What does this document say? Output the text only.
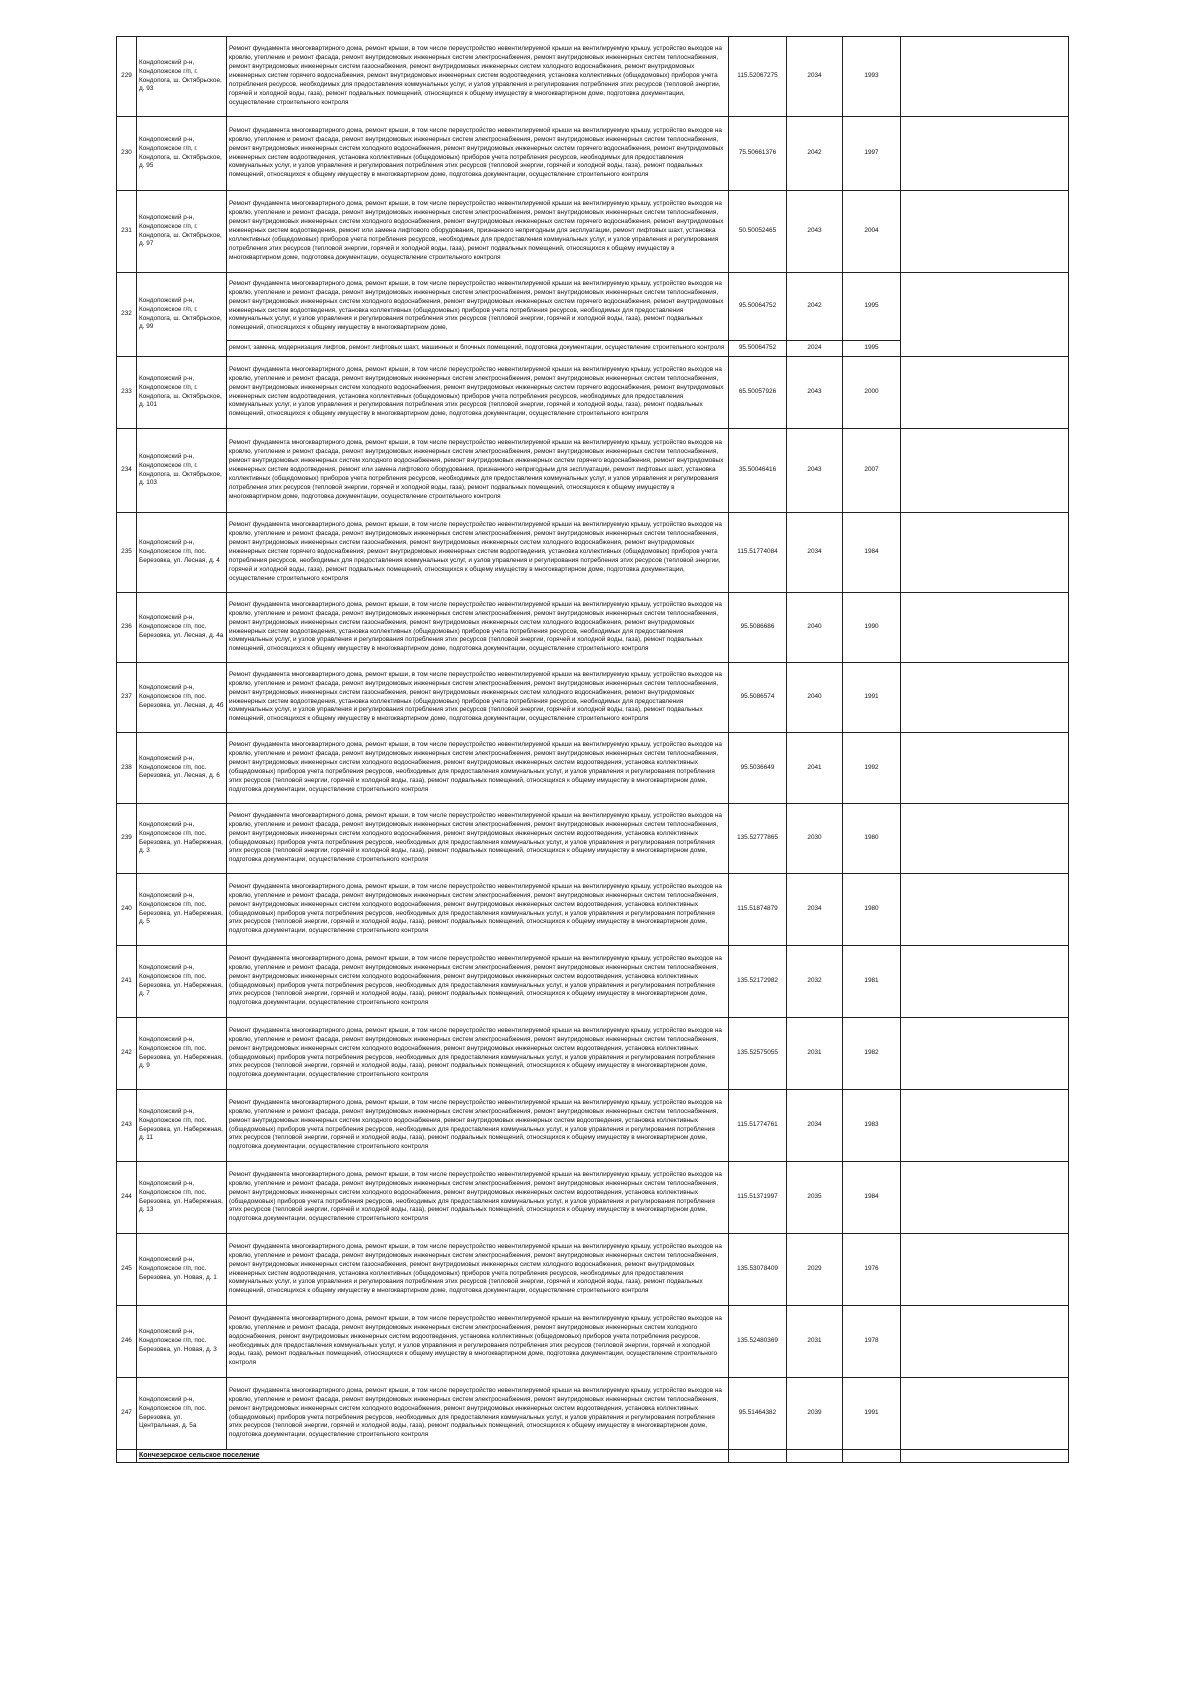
229	Кондопожский р-н, Кондопожское г/п, г. Кондопога, ш. Октябрьское, д. 93	Ремонт фундамента многоквартирного дома, ремонт крыши, в том числе переустройство невентилируемой крыши на вентилируемую крышу, устройство выходов на кровлю, утепление и ремонт фасада, ремонт внутридомовых инженерных систем электроснабжения, ремонт внутридомовых инженерных систем теплоснабжения, ремонт внутридомовых инженерных систем газоснабжения, ремонт внутридомовых инженерных систем холодного водоснабжения, ремонт внутридомовых инженерных систем горячего водоснабжения, ремонт внутридомовых инженерных систем водоотведения, установка коллективных (общедомовых) приборов учета потребления ресурсов, необходимых для предоставления коммунальных услуг, и узлов управления и регулирования потребления этих ресурсов (тепловой энергии, горячей и холодной воды, газа), ремонт подвальных помещений, относящихся к общему имуществу в многоквартирном доме, подготовка документации, осуществление строительного контроля	115.52067275	2034	1993	
230	Кондопожский р-н, Кондопожское г/п, г. Кондопога, ш. Октябрьское, д. 95	Ремонт фундамента многоквартирного дома, ремонт крыши, в том числе переустройство невентилируемой крыши на вентилируемую крышу, устройство выходов на кровлю, утепление и ремонт фасада, ремонт внутридомовых инженерных систем электроснабжения, ремонт внутридомовых инженерных систем теплоснабжения, ремонт внутридомовых инженерных систем холодного водоснабжения, ремонт внутридомовых инженерных систем горячего водоснабжения, ремонт внутридомовых инженерных систем водоотведения, установка коллективных (общедомовых) приборов учета потребления ресурсов, необходимых для предоставления коммунальных услуг, и узлов управления и регулирования потребления этих ресурсов (тепловой энергии, горячей и холодной воды, газа), ремонт подвальных помещений, относящихся к общему имуществу в многоквартирном доме, подготовка документации, осуществление строительного контроля	75.50661376	2042	1997	
231	Кондопожский р-н, Кондопожское г/п, г. Кондопога, ш. Октябрьское, д. 97	Ремонт фундамента многоквартирного дома, ремонт крыши, в том числе переустройство невентилируемой крыши на вентилируемую крышу, устройство выходов на кровлю, утепление и ремонт фасада, ремонт внутридомовых инженерных систем электроснабжения, ремонт внутридомовых инженерных систем теплоснабжения, ремонт внутридомовых инженерных систем холодного водоснабжения, ремонт внутридомовых инженерных систем горячего водоснабжения, ремонт внутридомовых инженерных систем водоотведения, ремонт или замена лифтового оборудования, признанного непригодным для эксплуатации, ремонт лифтовых шахт, установка коллективных (общедомовых) приборов учета потребления ресурсов, необходимых для предоставления коммунальных услуг, и узлов управления и регулирования потребления этих ресурсов (тепловой энергии, горячей и холодной воды, газа), ремонт подвальных помещений, относящихся к общему имуществу в многоквартирном доме, подготовка документации, осуществление строительного контроля	50.50052465	2043	2004	
232	Кондопожский р-н, Кондопожское г/п, г. Кондопога, ш. Октябрьское, д. 99	Ремонт фундамента многоквартирного дома, ремонт крыши, в том числе переустройство невентилируемой крыши на вентилируемую крышу, устройство выходов на кровлю, утепление и ремонт фасада, ремонт внутридомовых инженерных систем электроснабжения, ремонт внутридомовых инженерных систем теплоснабжения, ремонт внутридомовых инженерных систем холодного водоснабжения, ремонт внутридомовых инженерных систем горячего водоснабжения, ремонт внутридомовых инженерных систем водоотведения, установка коллективных (общедомовых) приборов учета потребления ресурсов, необходимых для предоставления коммунальных услуг, и узлов управления и регулирования потребления этих ресурсов (тепловой энергии, горячей и холодной воды, газа), ремонт подвальных помещений, относящихся к общему имуществу в многоквартирном доме,	95.50064752	2042	1995	
		ремонт, замена, модернизация лифтов, ремонт лифтовых шахт, машинных и блочных помещений, подготовка документации, осуществление строительного контроля	95.50064752	2024	1995	
233	Кондопожский р-н, Кондопожское г/п, г. Кондопога, ш. Октябрьское, д. 101	Ремонт фундамента многоквартирного дома, ремонт крыши, в том числе переустройство невентилируемой крыши на вентилируемую крышу, устройство выходов на кровлю, утепление и ремонт фасада, ремонт внутридомовых инженерных систем электроснабжения, ремонт внутридомовых инженерных систем теплоснабжения, ремонт внутридомовых инженерных систем холодного водоснабжения, ремонт внутридомовых инженерных систем горячего водоснабжения, ремонт внутридомовых инженерных систем водоотведения, установка коллективных (общедомовых) приборов учета потребления ресурсов, необходимых для предоставления коммунальных услуг, и узлов управления и регулирования потребления этих ресурсов (тепловой энергии, горячей и холодной воды, газа), ремонт подвальных помещений, относящихся к общему имуществу в многоквартирном доме, подготовка документации, осуществление строительного контроля	65.50057926	2043	2000	
234	Кондопожский р-н, Кондопожское г/п, г. Кондопога, ш. Октябрьское, д. 103	Ремонт фундамента многоквартирного дома, ремонт крыши, в том числе переустройство невентилируемой крыши на вентилируемую крышу, устройство выходов на кровлю, утепление и ремонт фасада, ремонт внутридомовых инженерных систем электроснабжения, ремонт внутридомовых инженерных систем теплоснабжения, ремонт внутридомовых инженерных систем холодного водоснабжения, ремонт внутридомовых инженерных систем горячего водоснабжения, ремонт внутридомовых инженерных систем водоотведения, ремонт или замена лифтового оборудования, признанного непригодным для эксплуатации, ремонт лифтовых шахт, установка коллективных (общедомовых) приборов учета потребления ресурсов, необходимых для предоставления коммунальных услуг, и узлов управления и регулирования потребления этих ресурсов (тепловой энергии, горячей и холодной воды, газа), ремонт подвальных помещений, относящихся к общему имуществу в многоквартирном доме, подготовка документации, осуществление строительного контроля	35.50046416	2043	2007	
235	Кондопожский р-н, Кондопожское г/п, пос. Березовка, ул. Лесная, д. 4	Ремонт фундамента многоквартирного дома, ремонт крыши, в том числе переустройство невентилируемой крыши на вентилируемую крышу, устройство выходов на кровлю, утепление и ремонт фасада, ремонт внутридомовых инженерных систем электроснабжения, ремонт внутридомовых инженерных систем теплоснабжения, ремонт внутридомовых инженерных систем газоснабжения, ремонт внутридомовых инженерных систем холодного водоснабжения, ремонт внутридомовых инженерных систем горячего водоснабжения, ремонт внутридомовых инженерных систем водоотведения, установка коллективных (общедомовых) приборов учета потребления ресурсов, необходимых для предоставления коммунальных услуг, и узлов управления и регулирования потребления этих ресурсов (тепловой энергии, горячей и холодной воды, газа), ремонт подвальных помещений, относящихся к общему имуществу в многоквартирном доме, подготовка документации, осуществление строительного контроля	115.51774084	2034	1984	
236	Кондопожский р-н, Кондопожское г/п, пос. Березовка, ул. Лесная, д. 4а	Ремонт фундамента многоквартирного дома, ремонт крыши, в том числе переустройство невентилируемой крыши на вентилируемую крышу, устройство выходов на кровлю, утепление и ремонт фасада, ремонт внутридомовых инженерных систем электроснабжения, ремонт внутридомовых инженерных систем теплоснабжения, ремонт внутридомовых инженерных систем газоснабжения, ремонт внутридомовых инженерных систем холодного водоснабжения, ремонт внутридомовых инженерных систем водоотведения, установка коллективных (общедомовых) приборов учета потребления ресурсов, необходимых для предоставления коммунальных услуг, и узлов управления и регулирования потребления этих ресурсов (тепловой энергии, горячей и холодной воды, газа), ремонт подвальных помещений, относящихся к общему имуществу в многоквартирном доме, подготовка документации, осуществление строительного контроля	95.5086686	2040	1990	
237	Кондопожский р-н, Кондопожское г/п, пос. Березовка, ул. Лесная, д. 4б	Ремонт фундамента многоквартирного дома, ремонт крыши, в том числе переустройство невентилируемой крыши на вентилируемую крышу, устройство выходов на кровлю, утепление и ремонт фасада, ремонт внутридомовых инженерных систем электроснабжения, ремонт внутридомовых инженерных систем теплоснабжения, ремонт внутридомовых инженерных систем газоснабжения, ремонт внутридомовых инженерных систем холодного водоснабжения, ремонт внутридомовых инженерных систем водоотведения, установка коллективных (общедомовых) приборов учета потребления ресурсов, необходимых для предоставления коммунальных услуг, и узлов управления и регулирования потребления этих ресурсов (тепловой энергии, горячей и холодной воды, газа), ремонт подвальных помещений, относящихся к общему имуществу в многоквартирном доме, подготовка документации, осуществление строительного контроля	95.5086574	2040	1991	
238	Кондопожский р-н, Кондопожское г/п, пос. Березовка, ул. Лесная, д. 6	Ремонт фундамента многоквартирного дома, ремонт крыши, в том числе переустройство невентилируемой крыши на вентилируемую крышу, устройство выходов на кровлю, утепление и ремонт фасада, ремонт внутридомовых инженерных систем электроснабжения, ремонт внутридомовых инженерных систем теплоснабжения, ремонт внутридомовых инженерных систем холодного водоснабжения, ремонт внутридомовых инженерных систем водоотведения, установка коллективных (общедомовых) приборов учета потребления ресурсов, необходимых для предоставления коммунальных услуг, и узлов управления и регулирования потребления этих ресурсов (тепловой энергии, горячей и холодной воды, газа), ремонт подвальных помещений, относящихся к общему имуществу в многоквартирном доме, подготовка документации, осуществление строительного контроля	95.5036649	2041	1992	
239	Кондопожский р-н, Кондопожское г/п, пос. Березовка, ул. Набережная, д. 3	Ремонт фундамента многоквартирного дома, ремонт крыши, в том числе переустройство невентилируемой крыши на вентилируемую крышу, устройство выходов на кровлю, утепление и ремонт фасада, ремонт внутридомовых инженерных систем электроснабжения, ремонт внутридомовых инженерных систем теплоснабжения, ремонт внутридомовых инженерных систем холодного водоснабжения, ремонт внутридомовых инженерных систем водоотведения, установка коллективных (общедомовых) приборов учета потребления ресурсов, необходимых для предоставления коммунальных услуг, и узлов управления и регулирования потребления этих ресурсов (тепловой энергии, горячей и холодной воды, газа), ремонт подвальных помещений, относящихся к общему имуществу в многоквартирном доме, подготовка документации, осуществление строительного контроля	135.52777865	2030	1980	
240	Кондопожский р-н, Кондопожское г/п, пос. Березовка, ул. Набережная, д. 5	Ремонт фундамента многоквартирного дома, ремонт крыши, в том числе переустройство невентилируемой крыши на вентилируемую крышу, устройство выходов на кровлю, утепление и ремонт фасада, ремонт внутридомовых инженерных систем электроснабжения, ремонт внутридомовых инженерных систем теплоснабжения, ремонт внутридомовых инженерных систем холодного водоснабжения, ремонт внутридомовых инженерных систем водоотведения, установка коллективных (общедомовых) приборов учета потребления ресурсов, необходимых для предоставления коммунальных услуг, и узлов управления и регулирования потребления этих ресурсов (тепловой энергии, горячей и холодной воды, газа), ремонт подвальных помещений, относящихся к общему имуществу в многоквартирном доме, подготовка документации, осуществление строительного контроля	115.51874879	2034	1980	
241	Кондопожский р-н, Кондопожское г/п, пос. Березовка, ул. Набережная, д. 7	Ремонт фундамента многоквартирного дома, ремонт крыши, в том числе переустройство невентилируемой крыши на вентилируемую крышу, устройство выходов на кровлю, утепление и ремонт фасада, ремонт внутридомовых инженерных систем электроснабжения, ремонт внутридомовых инженерных систем теплоснабжения, ремонт внутридомовых инженерных систем холодного водоснабжения, ремонт внутридомовых инженерных систем водоотведения, установка коллективных (общедомовых) приборов учета потребления ресурсов, необходимых для предоставления коммунальных услуг, и узлов управления и регулирования потребления этих ресурсов (тепловой энергии, горячей и холодной воды, газа), ремонт подвальных помещений, относящихся к общему имуществу в многоквартирном доме, подготовка документации, осуществление строительного контроля	135.52172982	2032	1981	
242	Кондопожский р-н, Кондопожское г/п, пос. Березовка, ул. Набережная, д. 9	Ремонт фундамента многоквартирного дома, ремонт крыши, в том числе переустройство невентилируемой крыши на вентилируемую крышу, устройство выходов на кровлю, утепление и ремонт фасада, ремонт внутридомовых инженерных систем электроснабжения, ремонт внутридомовых инженерных систем теплоснабжения, ремонт внутридомовых инженерных систем холодного водоснабжения, ремонт внутридомовых инженерных систем водоотведения, установка коллективных (общедомовых) приборов учета потребления ресурсов, необходимых для предоставления коммунальных услуг, и узлов управления и регулирования потребления этих ресурсов (тепловой энергии, горячей и холодной воды, газа), ремонт подвальных помещений, относящихся к общему имуществу в многоквартирном доме, подготовка документации, осуществление строительного контроля	135.52575055	2031	1982	
243	Кондопожский р-н, Кондопожское г/п, пос. Березовка, ул. Набережная, д. 11	Ремонт фундамента многоквартирного дома, ремонт крыши, в том числе переустройство невентилируемой крыши на вентилируемую крышу, устройство выходов на кровлю, утепление и ремонт фасада, ремонт внутридомовых инженерных систем электроснабжения, ремонт внутридомовых инженерных систем теплоснабжения, ремонт внутридомовых инженерных систем холодного водоснабжения, ремонт внутридомовых инженерных систем водоотведения, установка коллективных (общедомовых) приборов учета потребления ресурсов, необходимых для предоставления коммунальных услуг, и узлов управления и регулирования потребления этих ресурсов (тепловой энергии, горячей и холодной воды, газа), ремонт подвальных помещений, относящихся к общему имуществу в многоквартирном доме, подготовка документации, осуществление строительного контроля	115.51774761	2034	1983	
244	Кондопожский р-н, Кондопожское г/п, пос. Березовка, ул. Набережная, д. 13	Ремонт фундамента многоквартирного дома, ремонт крыши, в том числе переустройство невентилируемой крыши на вентилируемую крышу, устройство выходов на кровлю, утепление и ремонт фасада, ремонт внутридомовых инженерных систем электроснабжения, ремонт внутридомовых инженерных систем теплоснабжения, ремонт внутридомовых инженерных систем холодного водоснабжения, ремонт внутридомовых инженерных систем водоотведения, установка коллективных (общедомовых) приборов учета потребления ресурсов, необходимых для предоставления коммунальных услуг, и узлов управления и регулирования потребления этих ресурсов (тепловой энергии, горячей и холодной воды, газа), ремонт подвальных помещений, относящихся к общему имуществу в многоквартирном доме, подготовка документации, осуществление строительного контроля	115.51371997	2035	1984	
245	Кондопожский р-н, Кондопожское г/п, пос. Березовка, ул. Новая, д. 1	Ремонт фундамента многоквартирного дома, ремонт крыши, в том числе переустройство невентилируемой крыши на вентилируемую крышу, устройство выходов на кровлю, утепление и ремонт фасада, ремонт внутридомовых инженерных систем электроснабжения, ремонт внутридомовых инженерных систем теплоснабжения, ремонт внутридомовых инженерных систем газоснабжения, ремонт внутридомовых инженерных систем холодного водоснабжения, ремонт внутридомовых инженерных систем водоотведения, установка коллективных (общедомовых) приборов учета потребления ресурсов, необходимых для предоставления коммунальных услуг, и узлов управления и регулирования потребления этих ресурсов (тепловой энергии, горячей и холодной воды, газа), ремонт подвальных помещений, относящихся к общему имуществу в многоквартирном доме, подготовка документации, осуществление строительного контроля	135.53078409	2029	1976	
246	Кондопожский р-н, Кондопожское г/п, пос. Березовка, ул. Новая, д. 3	Ремонт фундамента многоквартирного дома, ремонт крыши, в том числе переустройство невентилируемой крыши на вентилируемую крышу, устройство выходов на кровлю, утепление и ремонт фасада, ремонт внутридомовых инженерных систем электроснабжения, ремонт внутридомовых инженерных систем холодного водоснабжения, ремонт внутридомовых инженерных систем водоотведения, установка коллективных (общедомовых) приборов учета потребления ресурсов, необходимых для предоставления коммунальных услуг, и узлов управления и регулирования потребления этих ресурсов (тепловой энергии, горячей и холодной воды, газа), ремонт подвальных помещений, относящихся к общему имуществу в многоквартирном доме, подготовка документации, осуществление строительного контроля	135.52480369	2031	1978	
247	Кондопожский р-н, Кондопожское г/п, пос. Березовка, ул. Центральная, д. 5а	Ремонт фундамента многоквартирного дома, ремонт крыши, в том числе переустройство невентилируемой крыши на вентилируемую крышу, устройство выходов на кровлю, утепление и ремонт фасада, ремонт внутридомовых инженерных систем электроснабжения, ремонт внутридомовых инженерных систем теплоснабжения, ремонт внутридомовых инженерных систем холодного водоснабжения, ремонт внутридомовых инженерных систем водоотведения, установка коллективных (общедомовых) приборов учета потребления ресурсов, необходимых для предоставления коммунальных услуг, и узлов управления и регулирования потребления этих ресурсов (тепловой энергии, горячей и холодной воды, газа), ремонт подвальных помещений, относящихся к общему имуществу в многоквартирном доме, подготовка документации, осуществление строительного контроля	95.51464382	2039	1991	
	Кончезерское сельское поселение					
